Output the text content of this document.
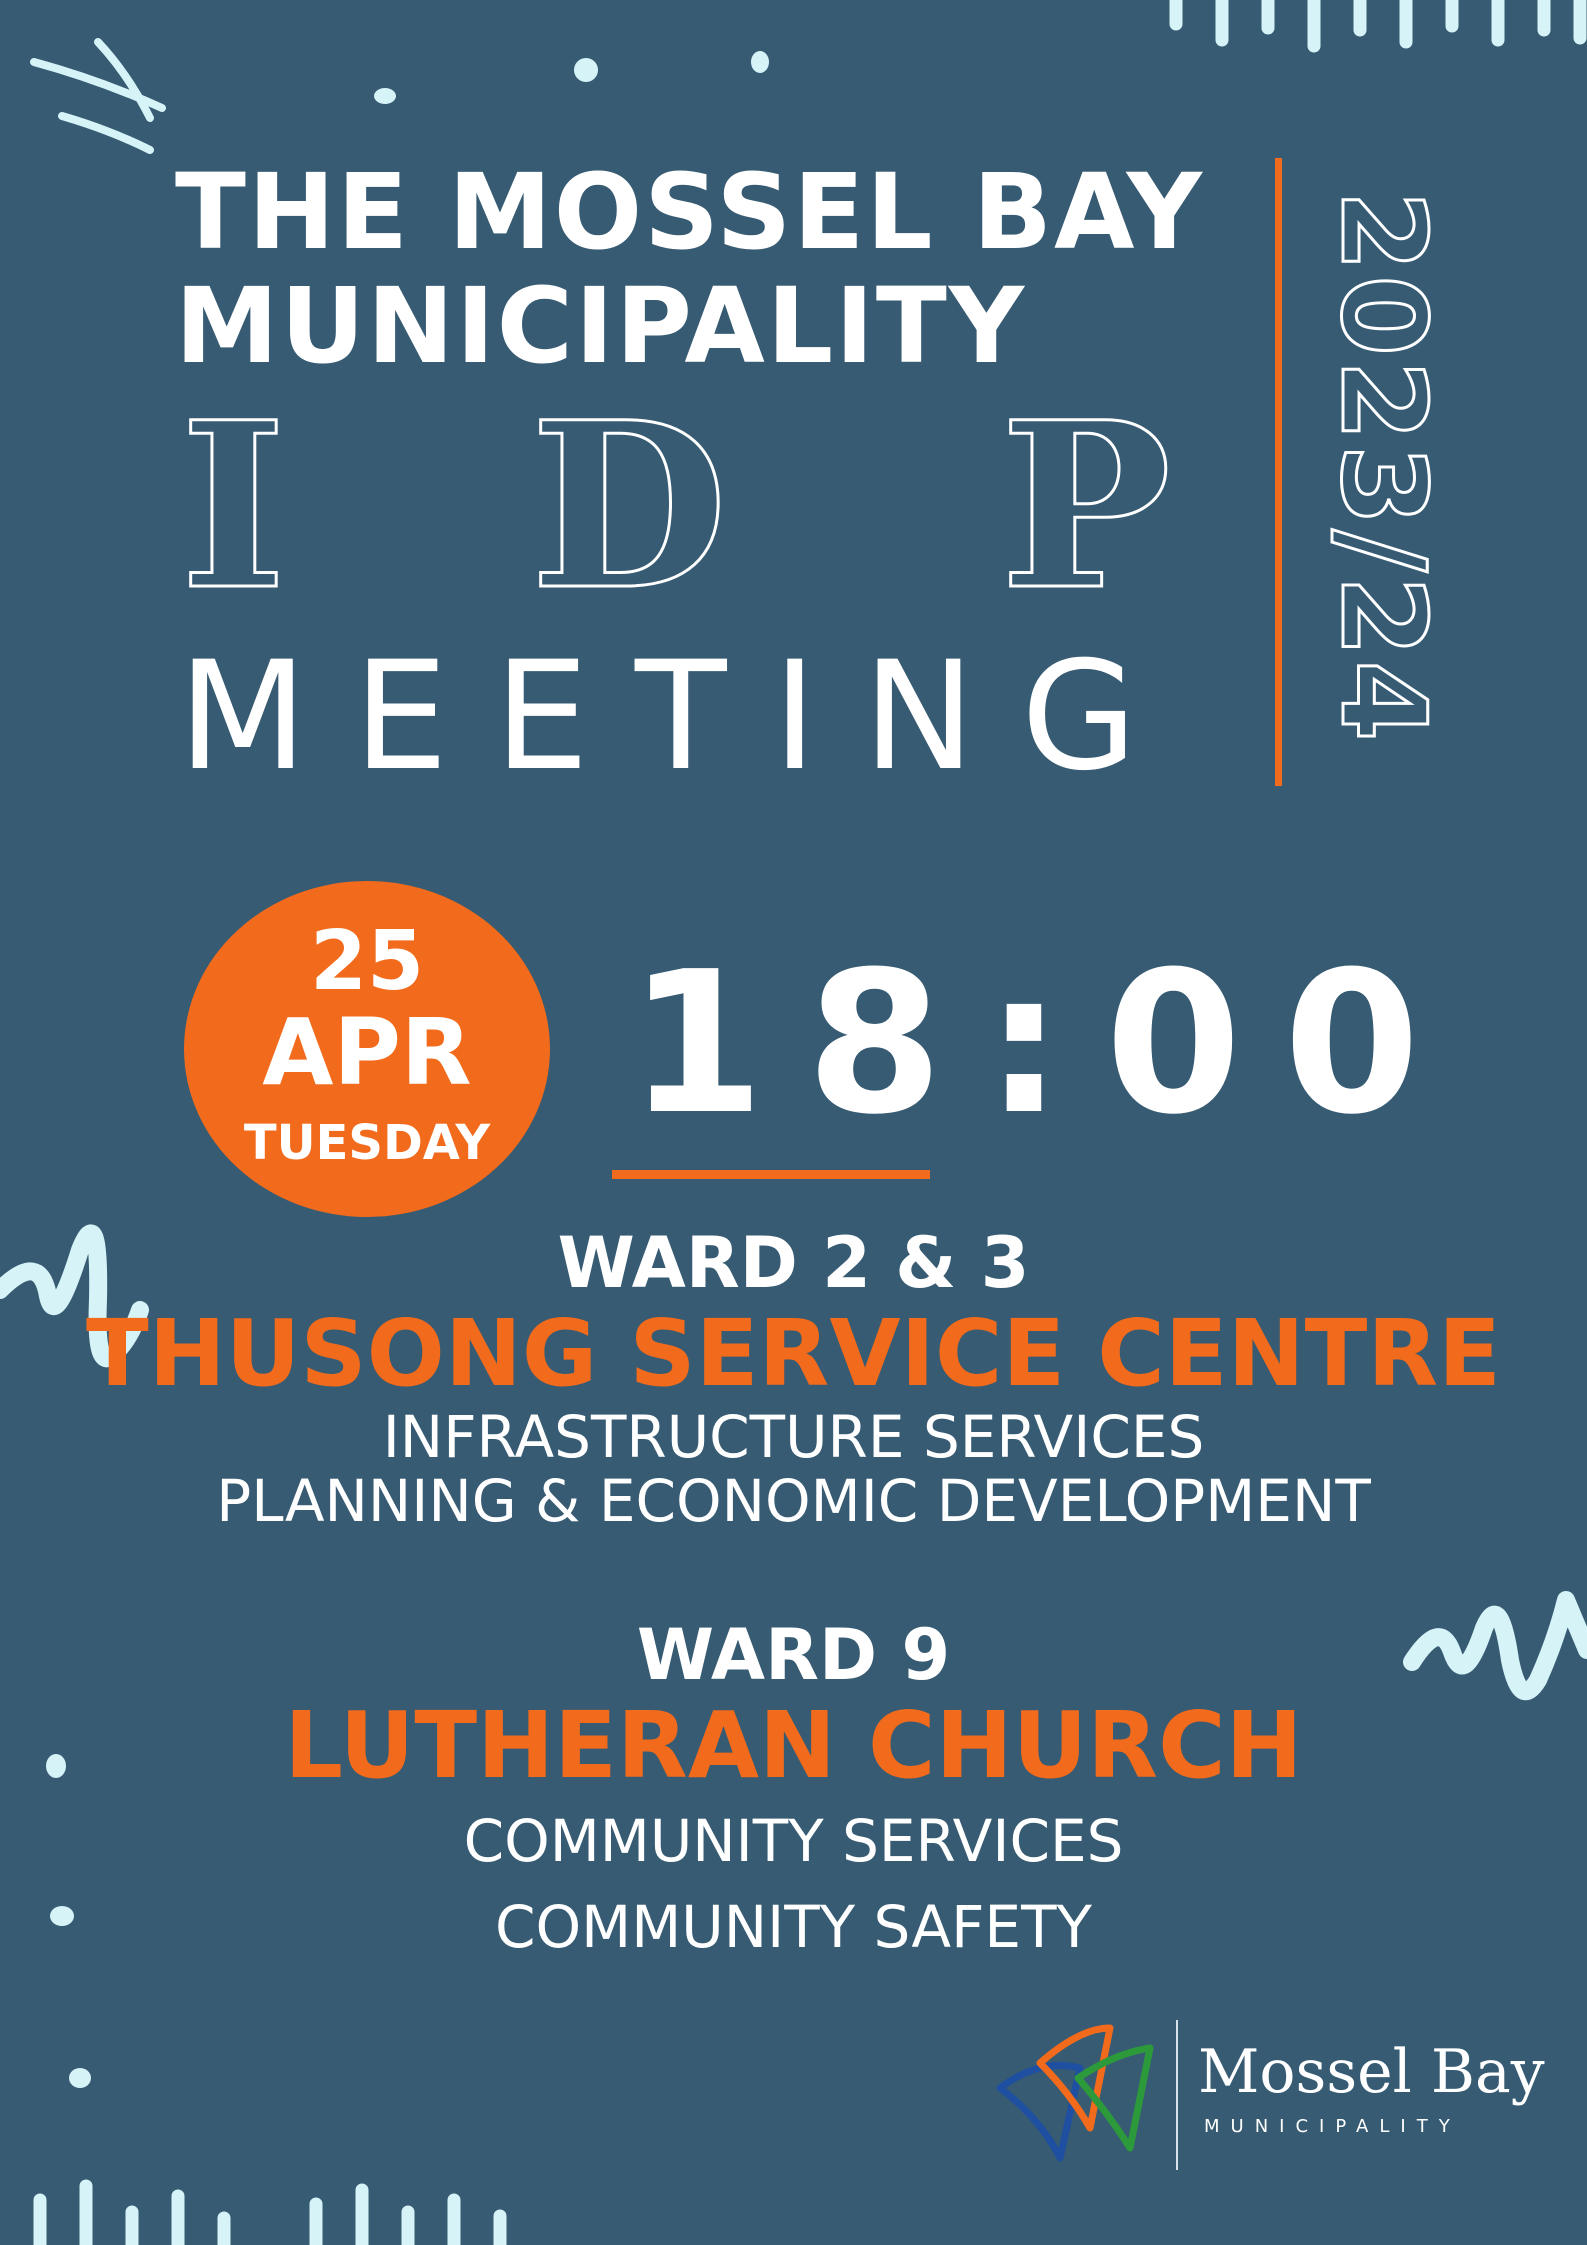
THE MOSSEL BAY
MUNICIPALITY
I D P
MEETING 2023/24
25
APR
TUESDAY 18:00
WARD 2 & 3
THUSONG SERVICE CENTRE
INFRASTRUCTURE SERVICES
PLANNING & ECONOMIC DEVELOPMENT
WARD 9
LUTHERAN CHURCH
COMMUNITY SERVICES
COMMUNITY SAFETY
Mossel Bay
MUNICIPALITY
